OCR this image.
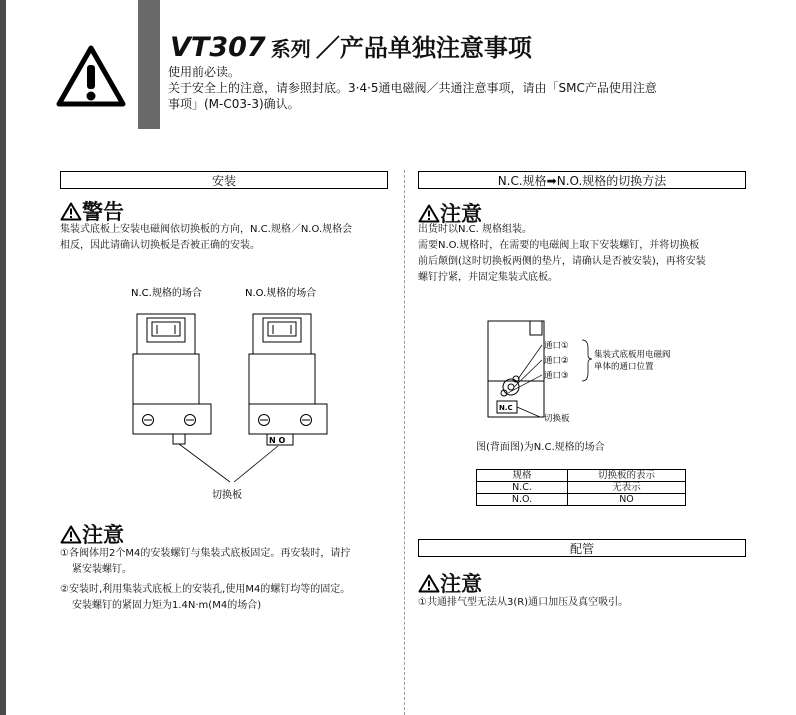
VT307 系列 ／产品单独注意事项
使用前必读。
关于安全上的注意，请参照封底。3·4·5通电磁阀／共通注意事项，请由「SMC产品使用注意
事项」(M-C03-3)确认。
安装
警告
集装式底板上安装电磁阀依切换板的方向，N.C.规格／N.O.规格会
相反，因此请确认切换板是否被正确的安装。
N.C.规格的场合	N.O.规格的场合
N O
切换板
注意
①各阀体用2个M4的安装螺钉与集装式底板固定。再安装时，请拧
紧安装螺钉。
②安装时,利用集装式底板上的安装孔,使用M4的螺钉均等的固定。
安装螺钉的紧固力矩为1.4N·m(M4的场合)
N.C.规格➡N.O.规格的切换方法
注意
出货时以N.C. 规格组装。
需要N.O.规格时，在需要的电磁阀上取下安装螺钉，并将切换板
前后颠倒(这时切换板两侧的垫片，请确认是否被安装)，再将安装
螺钉拧紧，并固定集装式底板。
N.C
通口①
通口②
通口③
集装式底板用电磁阀
单体的通口位置
切换板
图(背面图)为N.C.规格的场合
规格	切换板的表示
N.C.	无表示
N.O.	NO
配管
注意
①共通排气型无法从3(R)通口加压及真空吸引。
